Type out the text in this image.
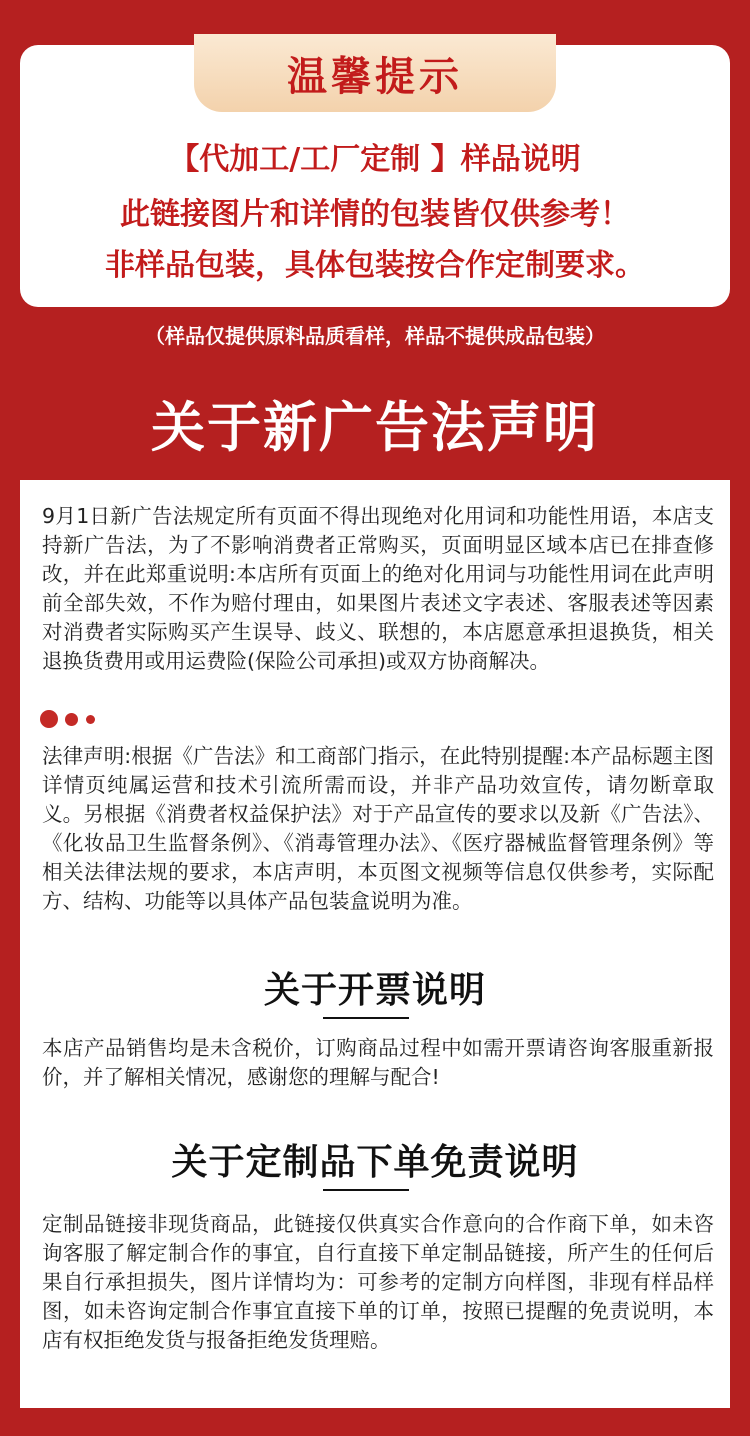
温馨提示
【代加工/工厂定制 】样品说明
此链接图片和详情的包装皆仅供参考！
非样品包装，具体包装按合作定制要求。
（样品仅提供原料品质看样，样品不提供成品包装）
关于新广告法声明

9月1日新广告法规定所有页面不得出现绝对化用词和功能性用语，本店支持新广告法，为了不影响消费者正常购买，页面明显区域本店已在排查修改，并在此郑重说明:本店所有页面上的绝对化用词与功能性用词在此声明前全部失效，不作为赔付理由，如果图片表述文字表述、客服表述等因素对消费者实际购买产生误导、歧义、联想的，本店愿意承担退换货，相关退换货费用或用运费险(保险公司承担)或双方协商解决。

法律声明:根据《广告法》和工商部门指示，在此特别提醒:本产品标题主图详情页纯属运营和技术引流所需而设，并非产品功效宣传，请勿断章取义。另根据《消费者权益保护法》对于产品宣传的要求以及新《广告法》、《化妆品卫生监督条例》、《消毒管理办法》、《医疗器械监督管理条例》等相关法律法规的要求，本店声明，本页图文视频等信息仅供参考，实际配方、结构、功能等以具体产品包装盒说明为准。

关于开票说明

本店产品销售均是未含税价，订购商品过程中如需开票请咨询客服重新报价，并了解相关情况，感谢您的理解与配合!

关于定制品下单免责说明

定制品链接非现货商品，此链接仅供真实合作意向的合作商下单，如未咨询客服了解定制合作的事宜，自行直接下单定制品链接，所产生的任何后果自行承担损失，图片详情均为：可参考的定制方向样图，非现有样品样图，如未咨询定制合作事宜直接下单的订单，按照已提醒的免责说明，本店有权拒绝发货与报备拒绝发货理赔。
